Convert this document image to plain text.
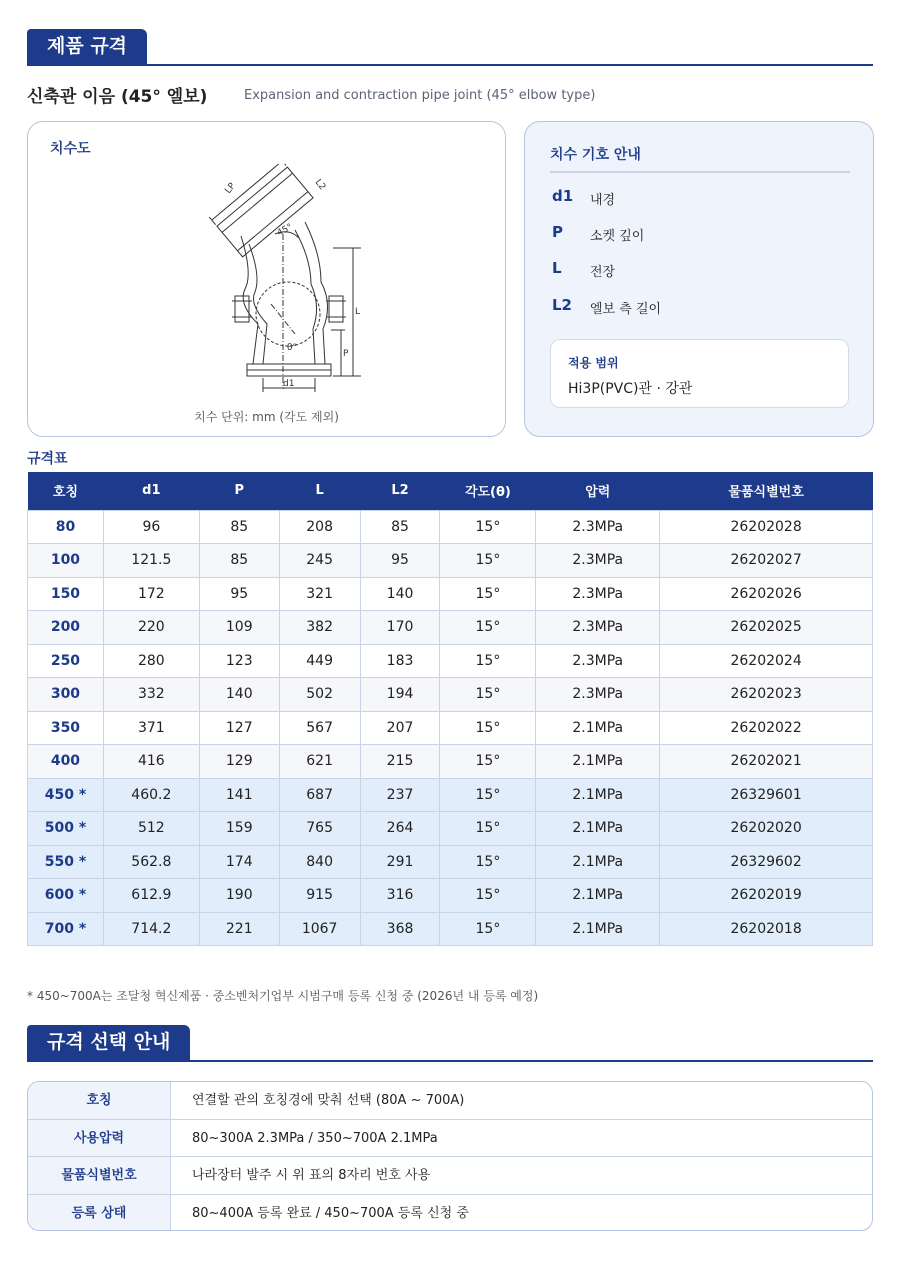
제품 규격
신축관 이음 (45° 엘보)	Expansion and contraction pipe joint (45° elbow type)
치수도
LP	L2
45°
θ°
L
P
d1
치수 단위: mm (각도 제외)
치수 기호 안내
d1	내경
P	소켓 깊이
L	전장
L2	엘보 측 길이
적용 범위
Hi3P(PVC)관 · 강관
규격표
호칭	d1	P	L	L2	각도(θ)	압력	물품식별번호
80	96	85	208	85	15°	2.3MPa	26202028
100	121.5	85	245	95	15°	2.3MPa	26202027
150	172	95	321	140	15°	2.3MPa	26202026
200	220	109	382	170	15°	2.3MPa	26202025
250	280	123	449	183	15°	2.3MPa	26202024
300	332	140	502	194	15°	2.3MPa	26202023
350	371	127	567	207	15°	2.1MPa	26202022
400	416	129	621	215	15°	2.1MPa	26202021
450 *	460.2	141	687	237	15°	2.1MPa	26329601
500 *	512	159	765	264	15°	2.1MPa	26202020
550 *	562.8	174	840	291	15°	2.1MPa	26329602
600 *	612.9	190	915	316	15°	2.1MPa	26202019
700 *	714.2	221	1067	368	15°	2.1MPa	26202018
* 450~700A는 조달청 혁신제품 · 중소벤처기업부 시범구매 등록 신청 중 (2026년 내 등록 예정)
규격 선택 안내
호칭	연결할 관의 호칭경에 맞춰 선택 (80A ~ 700A)
사용압력	80~300A 2.3MPa / 350~700A 2.1MPa
물품식별번호	나라장터 발주 시 위 표의 8자리 번호 사용
등록 상태	80~400A 등록 완료 / 450~700A 등록 신청 중
